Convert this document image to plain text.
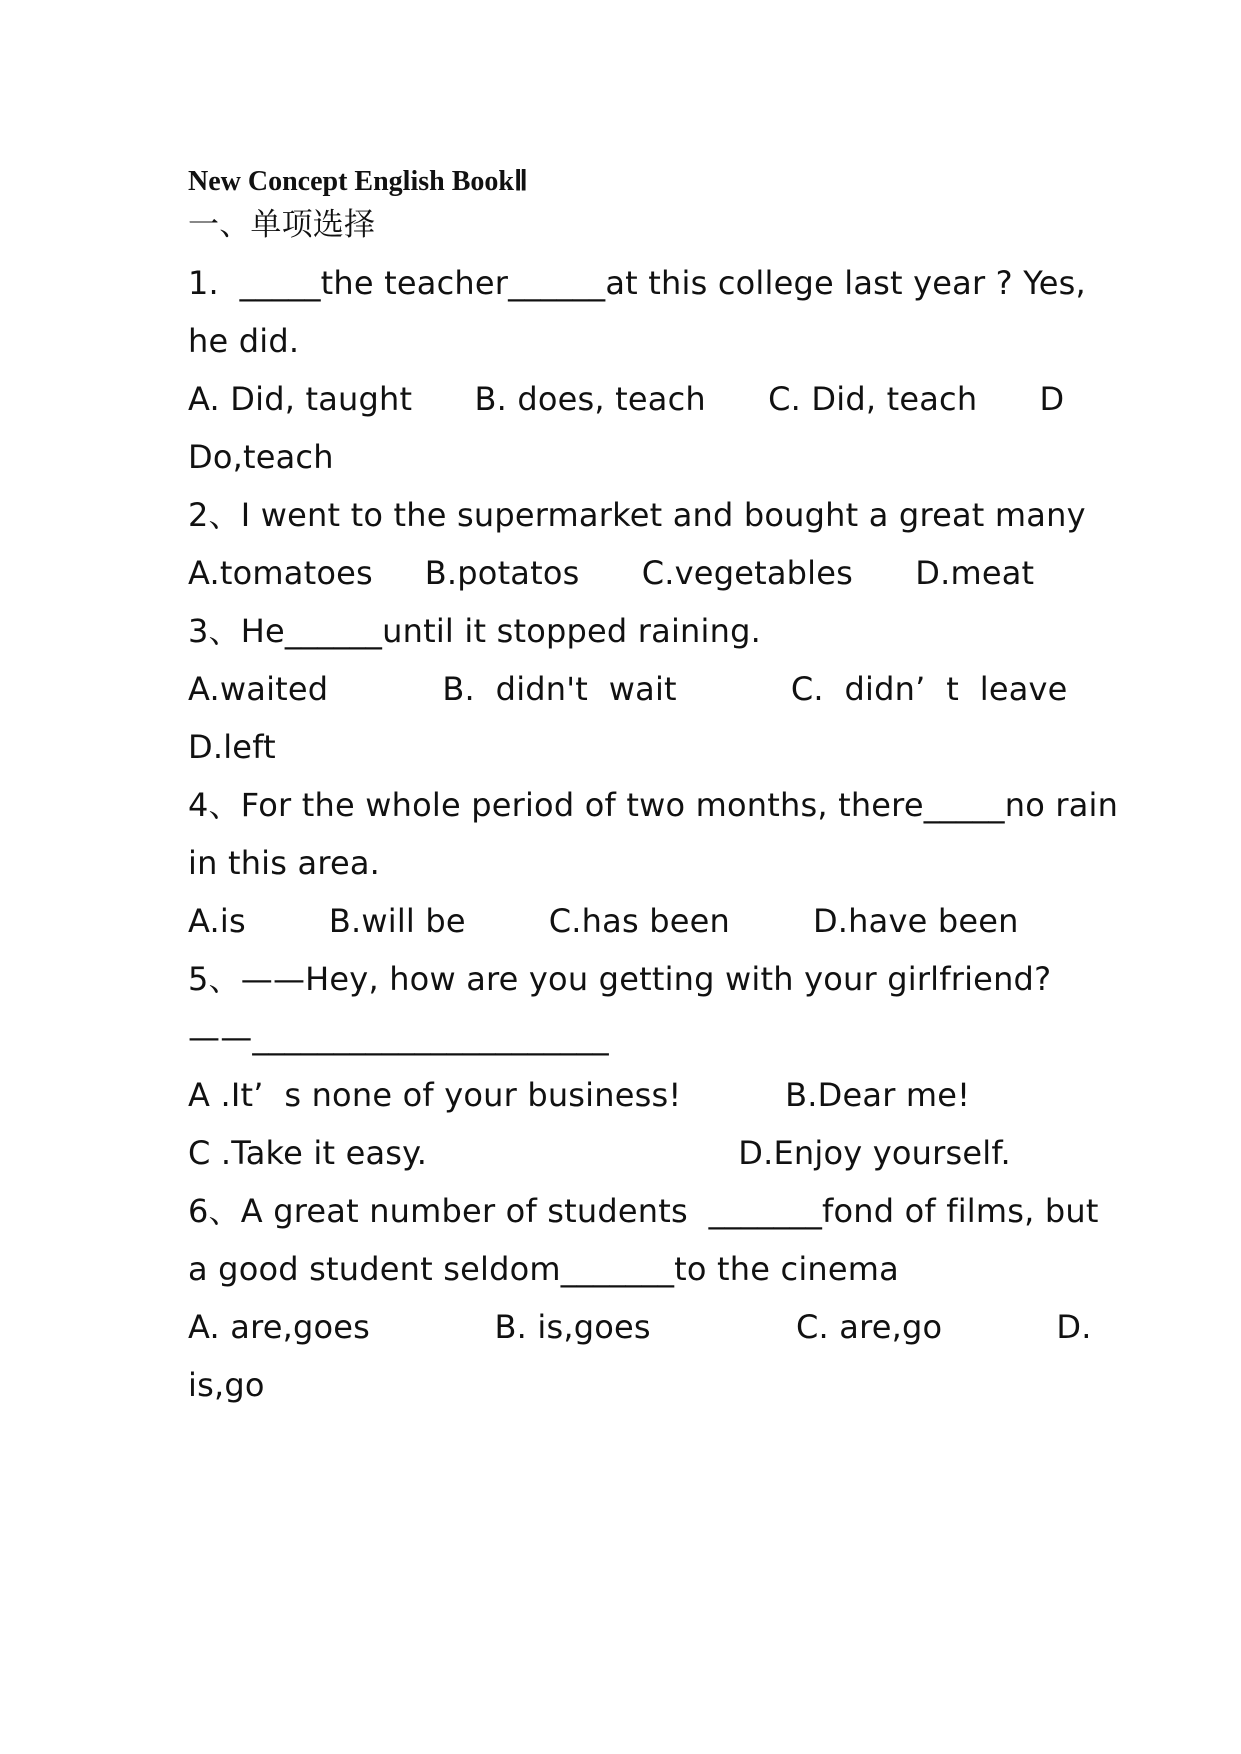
New Concept English BookⅡ
一、单项选择
1.  _____the teacher______at this college last year ? Yes,
he did.
A. Did, taught      B. does, teach      C. Did, teach      D
Do,teach
2、I went to the supermarket and bought a great many
A.tomatoes     B.potatos      C.vegetables      D.meat
3、He______until it stopped raining.
A.waited           B.  didn't  wait           C.  didn’  t  leave
D.left
4、For the whole period of two months, there_____no rain
in this area.
A.is        B.will be        C.has been        D.have been
5、——Hey, how are you getting with your girlfriend?
——______________________
A .It’  s none of your business!          B.Dear me!
C .Take it easy.                              D.Enjoy yourself.
6、A great number of students  _______fond of films, but
a good student seldom_______to the cinema
A. are,goes            B. is,goes              C. are,go           D.
is,go
